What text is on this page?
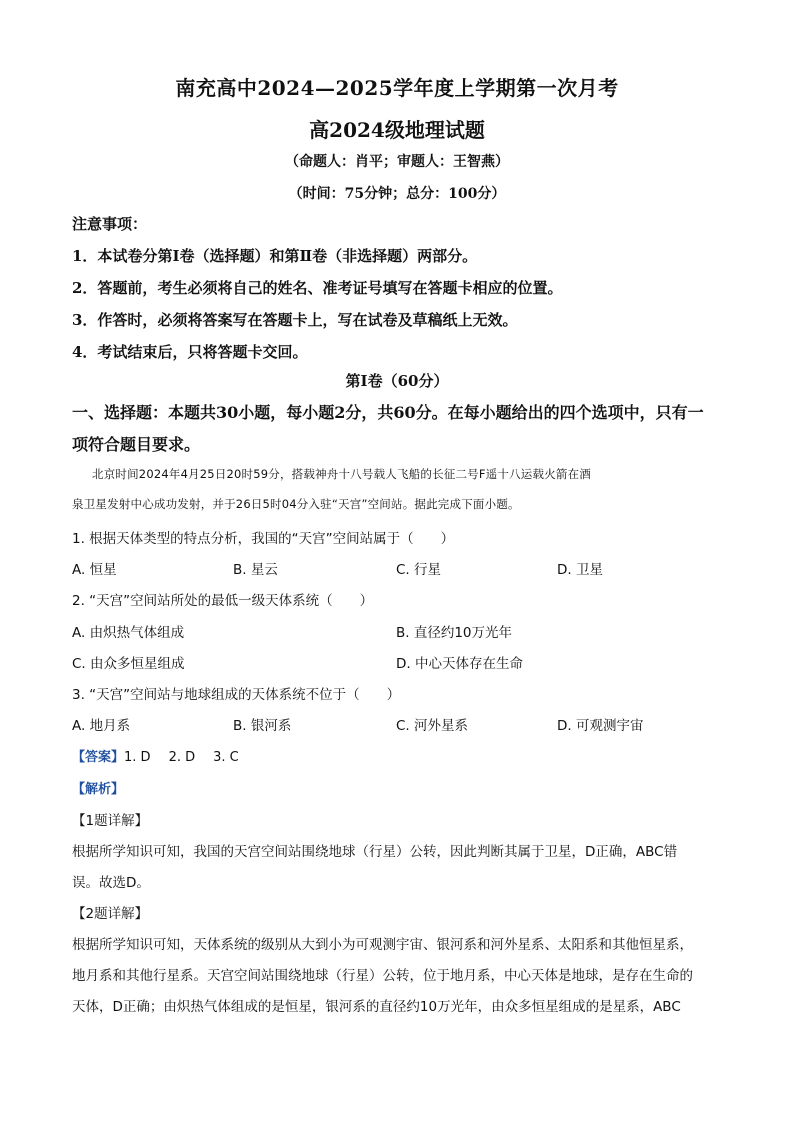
南充高中2024—2025学年度上学期第一次月考
高2024级地理试题
（命题人：肖平；审题人：王智燕）
（时间：75分钟；总分：100分）
注意事项：
1．本试卷分第Ⅰ卷（选择题）和第Ⅱ卷（非选择题）两部分。
2．答题前，考生必须将自己的姓名、准考证号填写在答题卡相应的位置。
3．作答时，必须将答案写在答题卡上，写在试卷及草稿纸上无效。
4．考试结束后，只将答题卡交回。
第Ⅰ卷（60分）
一、选择题：本题共30小题，每小题2分，共60分。在每小题给出的四个选项中，只有一
项符合题目要求。
北京时间2024年4月25日20时59分，搭载神舟十八号载人飞船的长征二号F遥十八运载火箭在酒
泉卫星发射中心成功发射，并于26日5时04分入驻“天宫”空间站。据此完成下面小题。
1. 根据天体类型的特点分析，我国的“天宫”空间站属于（　　）
A. 恒星	B. 星云	C. 行星	D. 卫星
2. “天宫”空间站所处的最低一级天体系统（　　）
A. 由炽热气体组成	B. 直径约10万光年
C. 由众多恒星组成	D. 中心天体存在生命
3. “天宫”空间站与地球组成的天体系统不位于（　　）
A. 地月系	B. 银河系	C. 河外星系	D. 可观测宇宙
【答案】1. D 2. D 3. C
【解析】
【1题详解】
根据所学知识可知，我国的天宫空间站围绕地球（行星）公转，因此判断其属于卫星，D正确，ABC错
误。故选D。
【2题详解】
根据所学知识可知，天体系统的级别从大到小为可观测宇宙、银河系和河外星系、太阳系和其他恒星系，
地月系和其他行星系。天宫空间站围绕地球（行星）公转，位于地月系，中心天体是地球，是存在生命的
天体，D正确；由炽热气体组成的是恒星，银河系的直径约10万光年，由众多恒星组成的是星系，ABC
